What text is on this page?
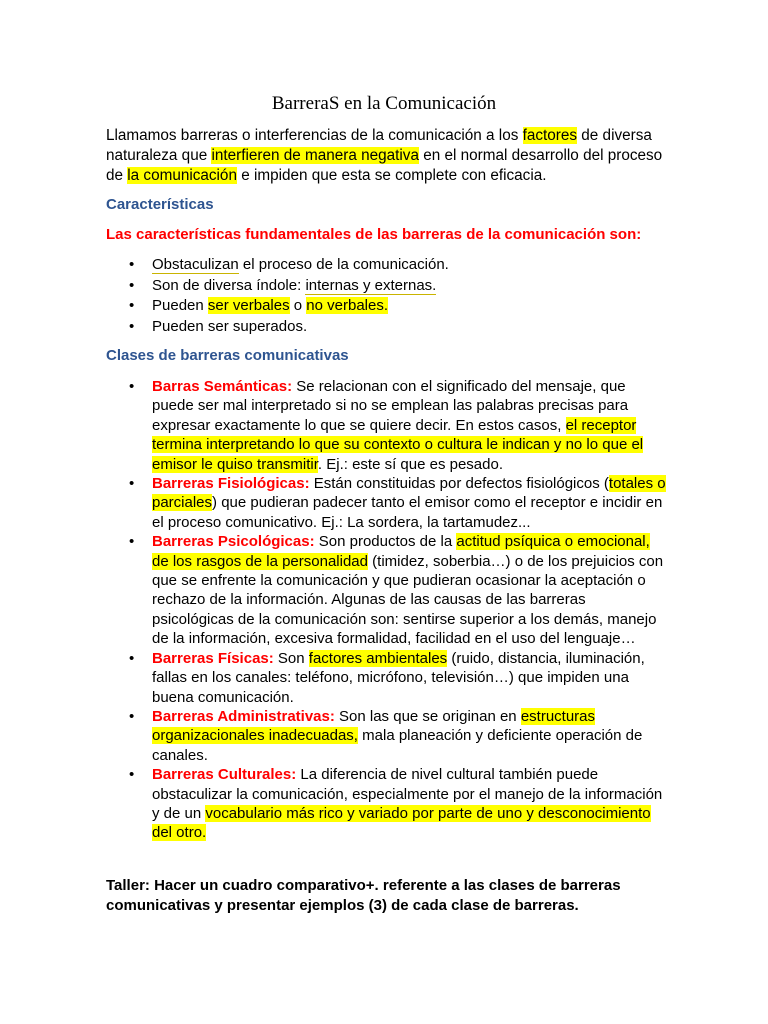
BarreraS en la Comunicación
Llamamos barreras o interferencias de la comunicación a los factores de diversa naturaleza que interfieren de manera negativa en el normal desarrollo del proceso de la comunicación e impiden que esta se complete con eficacia.
Características
Las características fundamentales de las barreras de la comunicación son:
• Obstaculizan el proceso de la comunicación.
• Son de diversa índole: internas y externas.
• Pueden ser verbales o no verbales.
• Pueden ser superados.
Clases de barreras comunicativas
• Barras Semánticas: Se relacionan con el significado del mensaje, que puede ser mal interpretado si no se emplean las palabras precisas para expresar exactamente lo que se quiere decir. En estos casos, el receptor termina interpretando lo que su contexto o cultura le indican y no lo que el emisor le quiso transmitir. Ej.: este sí que es pesado.
• Barreras Fisiológicas: Están constituidas por defectos fisiológicos (totales o parciales) que pudieran padecer tanto el emisor como el receptor e incidir en el proceso comunicativo. Ej.: La sordera, la tartamudez...
• Barreras Psicológicas: Son productos de la actitud psíquica o emocional, de los rasgos de la personalidad (timidez, soberbia…) o de los prejuicios con que se enfrente la comunicación y que pudieran ocasionar la aceptación o rechazo de la información. Algunas de las causas de las barreras psicológicas de la comunicación son: sentirse superior a los demás, manejo de la información, excesiva formalidad, facilidad en el uso del lenguaje…
• Barreras Físicas: Son factores ambientales (ruido, distancia, iluminación, fallas en los canales: teléfono, micrófono, televisión…) que impiden una buena comunicación.
• Barreras Administrativas: Son las que se originan en estructuras organizacionales inadecuadas, mala planeación y deficiente operación de canales.
• Barreras Culturales: La diferencia de nivel cultural también puede obstaculizar la comunicación, especialmente por el manejo de la información y de un vocabulario más rico y variado por parte de uno y desconocimiento del otro.
Taller: Hacer un cuadro comparativo+. referente a las clases de barreras comunicativas y presentar ejemplos (3) de cada clase de barreras.
